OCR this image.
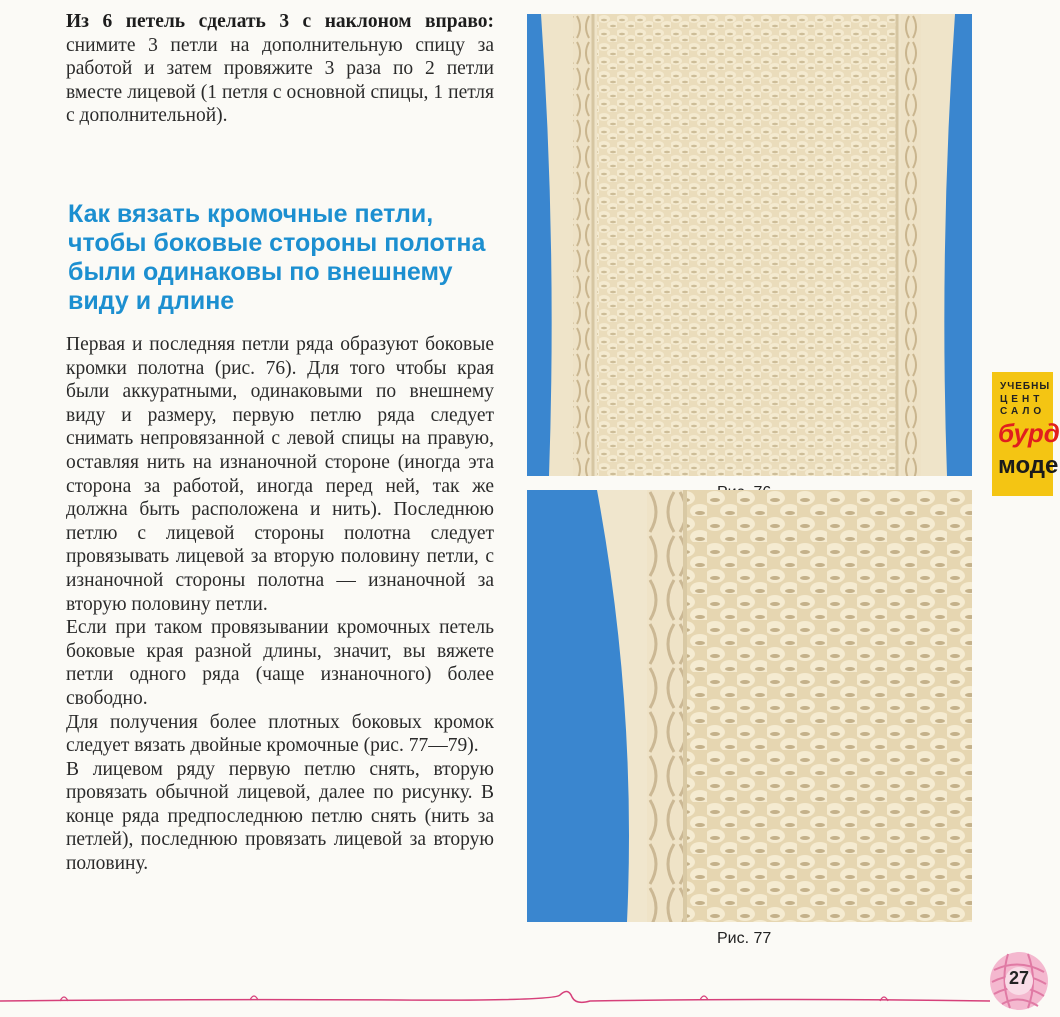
Из 6 петель сделать 3 с наклоном вправо: снимите 3 петли на дополнительную спицу за работой и затем провяжите 3 раза по 2 петли вместе лицевой (1 петля с основной спицы, 1 петля с дополнительной).
Как вязать кромочные петли, чтобы боковые стороны полотна были одинаковы по внешнему виду и длине

Первая и последняя петли ряда образуют боковые кромки полотна (рис. 76). Для того чтобы края были аккуратными, одинаковыми по внешнему виду и размеру, первую петлю ряда следует снимать непровязанной с левой спицы на правую, оставляя нить на изнаночной стороне (иногда эта сторона за работой, иногда перед ней, так же должна быть расположена и нить). Последнюю петлю с лицевой стороны полотна следует провязывать лицевой за вторую половину петли, с изнаночной стороны полотна — изнаночной за вторую половину петли.

Если при таком провязывании кромочных петель боковые края разной длины, значит, вы вяжете петли одного ряда (чаще изнаночного) более свободно.

Для получения более плотных боковых кромок следует вязать двойные кромочные (рис. 77—79).

В лицевом ряду первую петлю снять, вторую провязать обычной лицевой, далее по рисунку. В конце ряда предпоследнюю петлю снять (нить за петлей), последнюю провязать лицевой за вторую половину.

Рис. 77
УЧЕБНЫ
ЦЕНТ
САЛО
бурд
моде
27
